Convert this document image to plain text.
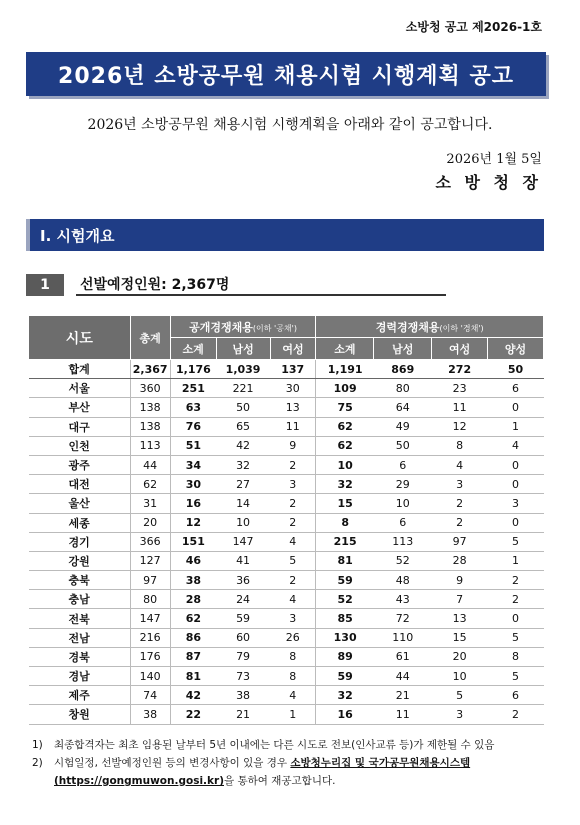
소방청 공고 제2026-1호
2026년 소방공무원 채용시험 시행계획 공고
2026년 소방공무원 채용시험 시행계획을 아래와 같이 공고합니다.
2026년 1월 5일
소 방 청 장
Ⅰ. 시험개요
1	선발예정인원: 2,367명
시도	총계	공개경쟁채용(이하 '공채')			경력경쟁채용(이하 '경채')			
		소계	남성	여성	소계	남성	여성	양성
합계	2,367	1,176	1,039	137	1,191	869	272	50
서울	360	251	221	30	109	80	23	6
부산	138	63	50	13	75	64	11	0
대구	138	76	65	11	62	49	12	1
인천	113	51	42	9	62	50	8	4
광주	44	34	32	2	10	6	4	0
대전	62	30	27	3	32	29	3	0
울산	31	16	14	2	15	10	2	3
세종	20	12	10	2	8	6	2	0
경기	366	151	147	4	215	113	97	5
강원	127	46	41	5	81	52	28	1
충북	97	38	36	2	59	48	9	2
충남	80	28	24	4	52	43	7	2
전북	147	62	59	3	85	72	13	0
전남	216	86	60	26	130	110	15	5
경북	176	87	79	8	89	61	20	8
경남	140	81	73	8	59	44	10	5
제주	74	42	38	4	32	21	5	6
창원	38	22	21	1	16	11	3	2
1)	최종합격자는 최초 임용된 날부터 5년 이내에는 다른 시도로 전보(인사교류 등)가 제한될 수 있음
2)	시험일정, 선발예정인원 등의 변경사항이 있을 경우 소방청누리집 및 국가공무원채용시스템
(https://gongmuwon.gosi.kr)을 통하여 재공고합니다.
